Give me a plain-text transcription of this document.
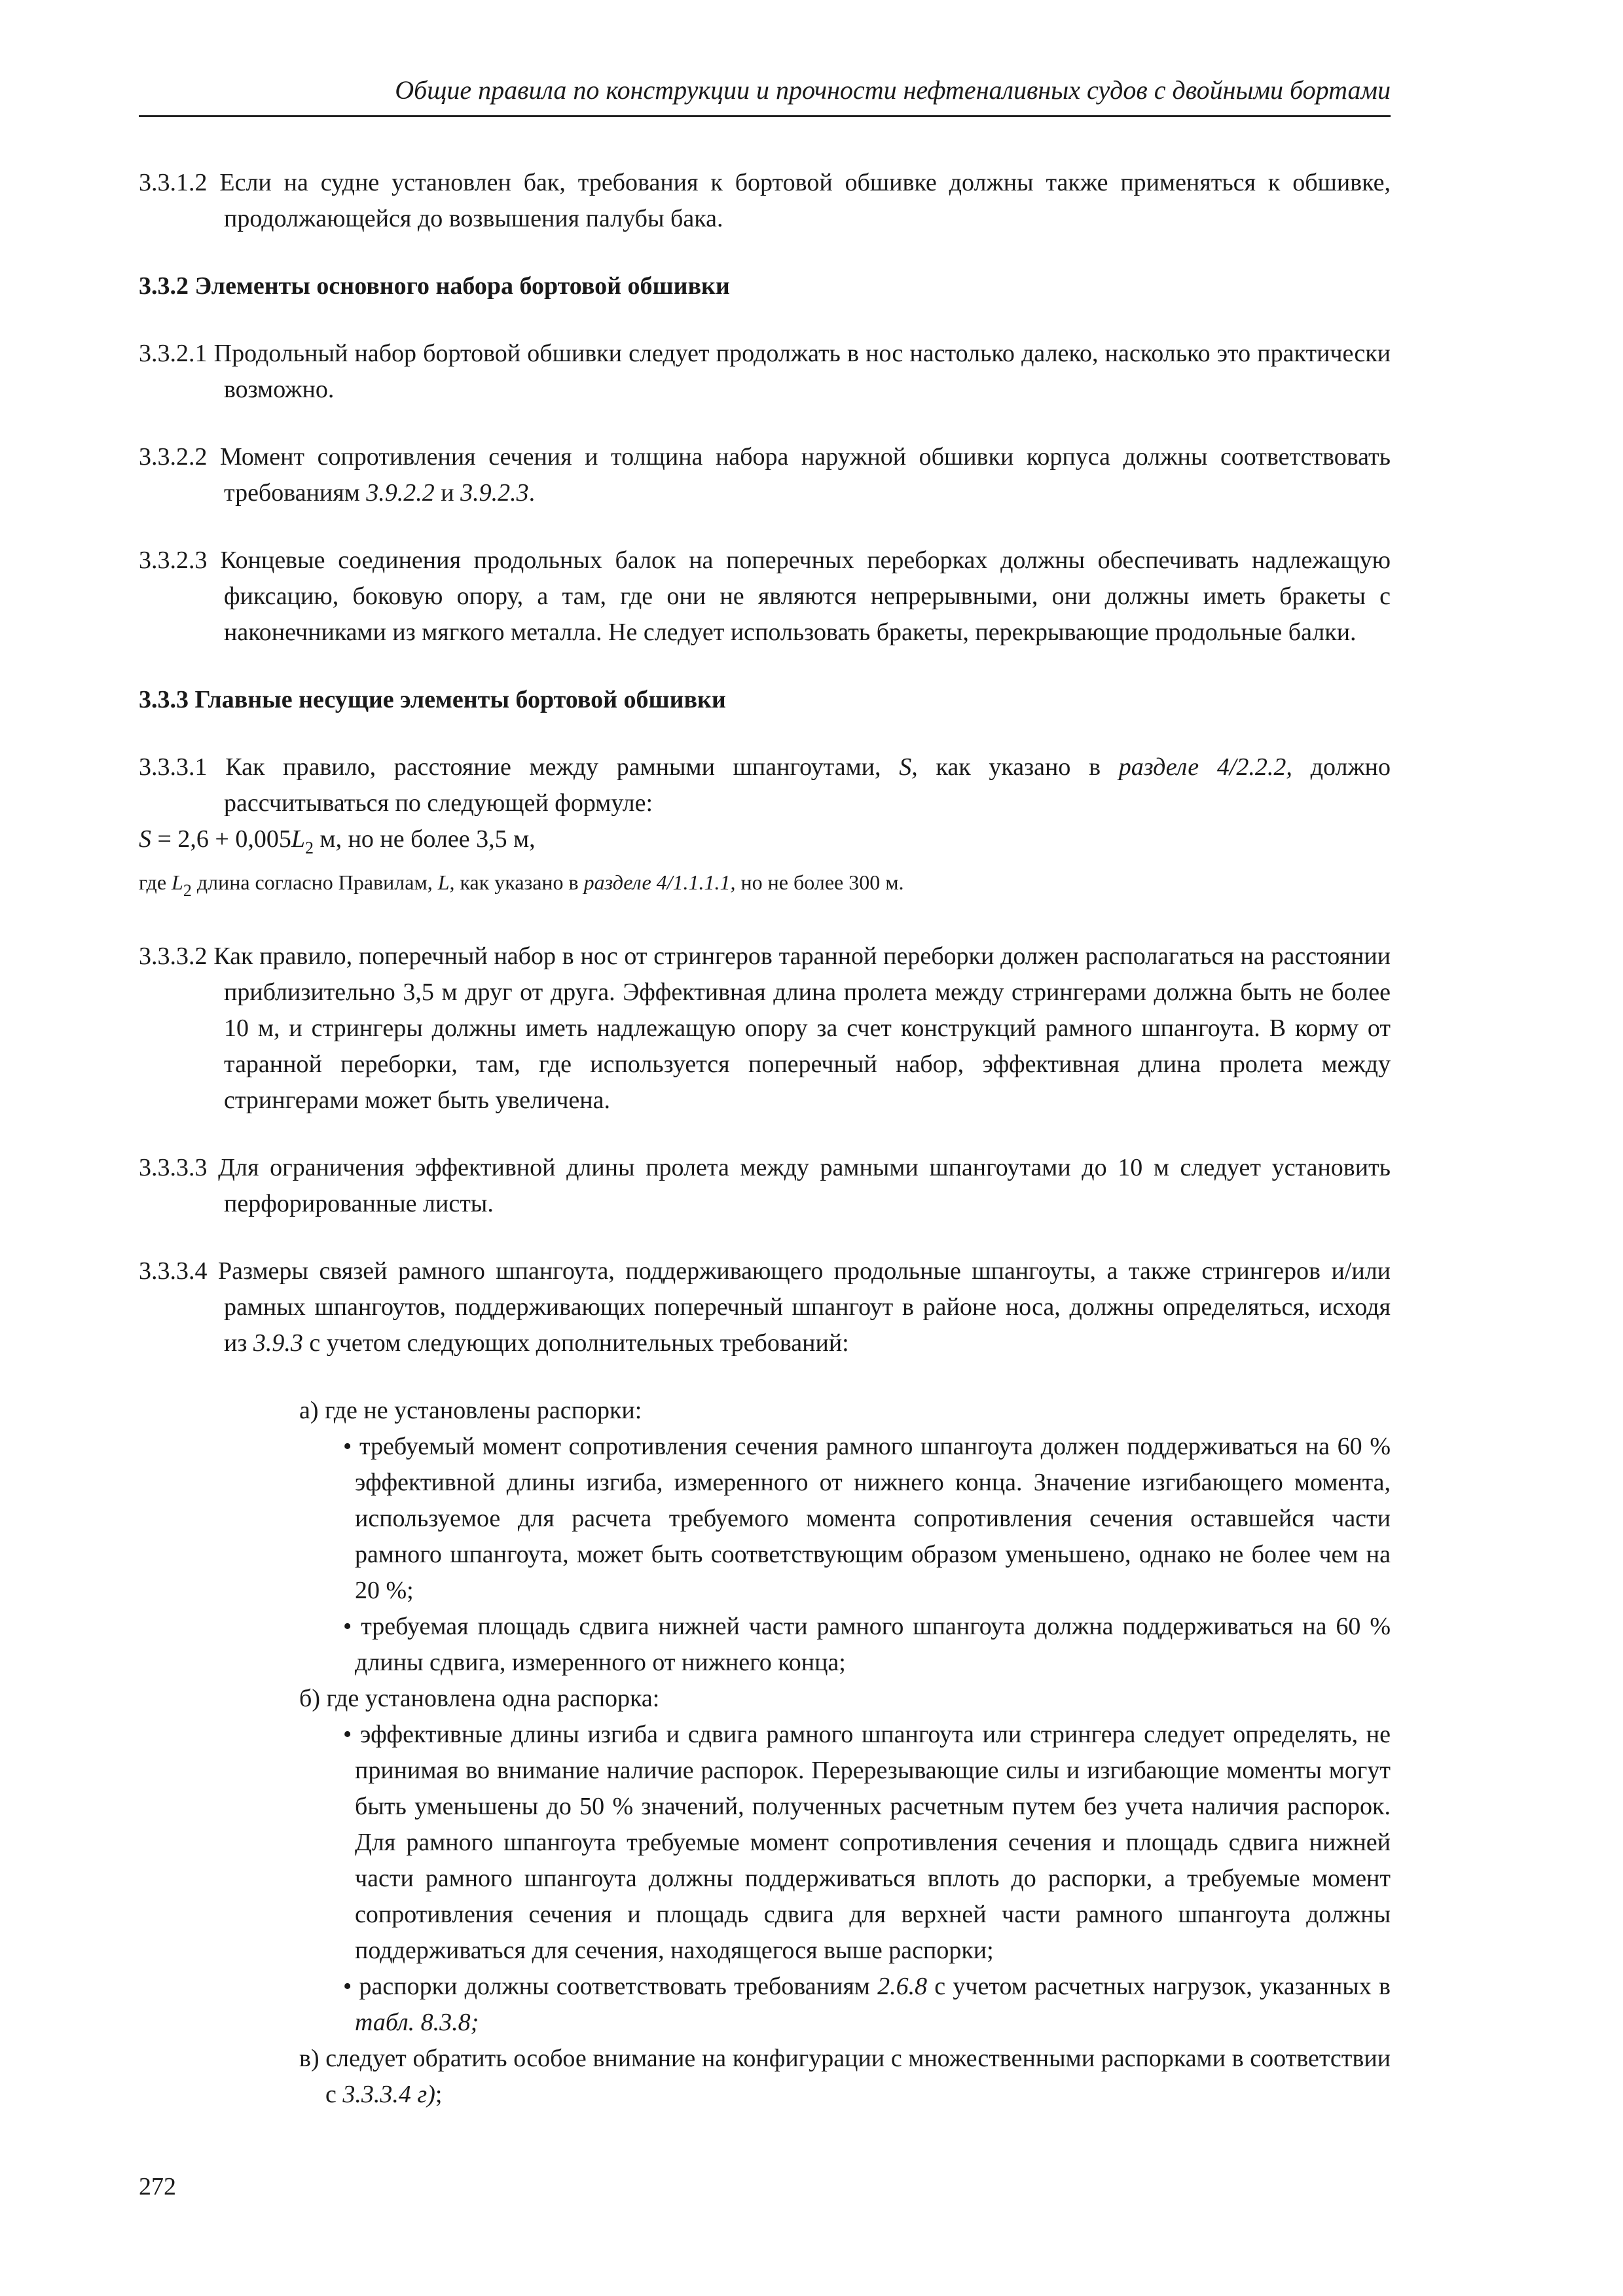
Общие правила по конструкции и прочности нефтеналивных судов с двойными бортами

3.3.1.2 Если на судне установлен бак, требования к бортовой обшивке должны также применяться к обшивке, продолжающейся до возвышения палубы бака.

3.3.2 Элементы основного набора бортовой обшивки

3.3.2.1 Продольный набор бортовой обшивки следует продолжать в нос настолько далеко, насколько это практически возможно.

3.3.2.2 Момент сопротивления сечения и толщина набора наружной обшивки корпуса должны соответствовать требованиям 3.9.2.2 и 3.9.2.3.

3.3.2.3 Концевые соединения продольных балок на поперечных переборках должны обеспечивать надлежащую фиксацию, боковую опору, а там, где они не являются непрерывными, они должны иметь бракеты с наконечниками из мягкого металла. Не следует использовать бракеты, перекрывающие продольные балки.

3.3.3 Главные несущие элементы бортовой обшивки

3.3.3.1 Как правило, расстояние между рамными шпангоутами, S, как указано в разделе 4/2.2.2, должно рассчитываться по следующей формуле:

$S = 2,6 + 0,005L_2$ м, но не более 3,5 м,

где $L_2$ длина согласно Правилам, L, как указано в разделе 4/1.1.1.1, но не более 300 м.

3.3.3.2 Как правило, поперечный набор в нос от стрингеров таранной переборки должен располагаться на расстоянии приблизительно 3,5 м друг от друга. Эффективная длина пролета между стрингерами должна быть не более 10 м, и стрингеры должны иметь надлежащую опору за счет конструкций рамного шпангоута. В корму от таранной переборки, там, где используется поперечный набор, эффективная длина пролета между стрингерами может быть увеличена.

3.3.3.3 Для ограничения эффективной длины пролета между рамными шпангоутами до 10 м следует установить перфорированные листы.

3.3.3.4 Размеры связей рамного шпангоута, поддерживающего продольные шпангоуты, а также стрингеров и/или рамных шпангоутов, поддерживающих поперечный шпангоут в районе носа, должны определяться, исходя из 3.9.3 с учетом следующих дополнительных требований:

а) где не установлены распорки:

• требуемый момент сопротивления сечения рамного шпангоута должен поддерживаться на 60 % эффективной длины изгиба, измеренного от нижнего конца. Значение изгибающего момента, используемое для расчета требуемого момента сопротивления сечения оставшейся части рамного шпангоута, может быть соответствующим образом уменьшено, однако не более чем на 20 %;

• требуемая площадь сдвига нижней части рамного шпангоута должна поддерживаться на 60 % длины сдвига, измеренного от нижнего конца;

б) где установлена одна распорка:

• эффективные длины изгиба и сдвига рамного шпангоута или стрингера следует определять, не принимая во внимание наличие распорок. Перерезывающие силы и изгибающие моменты могут быть уменьшены до 50 % значений, полученных расчетным путем без учета наличия распорок. Для рамного шпангоута требуемые момент сопротивления сечения и площадь сдвига нижней части рамного шпангоута должны поддерживаться вплоть до распорки, а требуемые момент сопротивления сечения и площадь сдвига для верхней части рамного шпангоута должны поддерживаться для сечения, находящегося выше распорки;

• распорки должны соответствовать требованиям 2.6.8 с учетом расчетных нагрузок, указанных в табл. 8.3.8;

в) следует обратить особое внимание на конфигурации с множественными распорками в соответствии с 3.3.3.4 г);

272
